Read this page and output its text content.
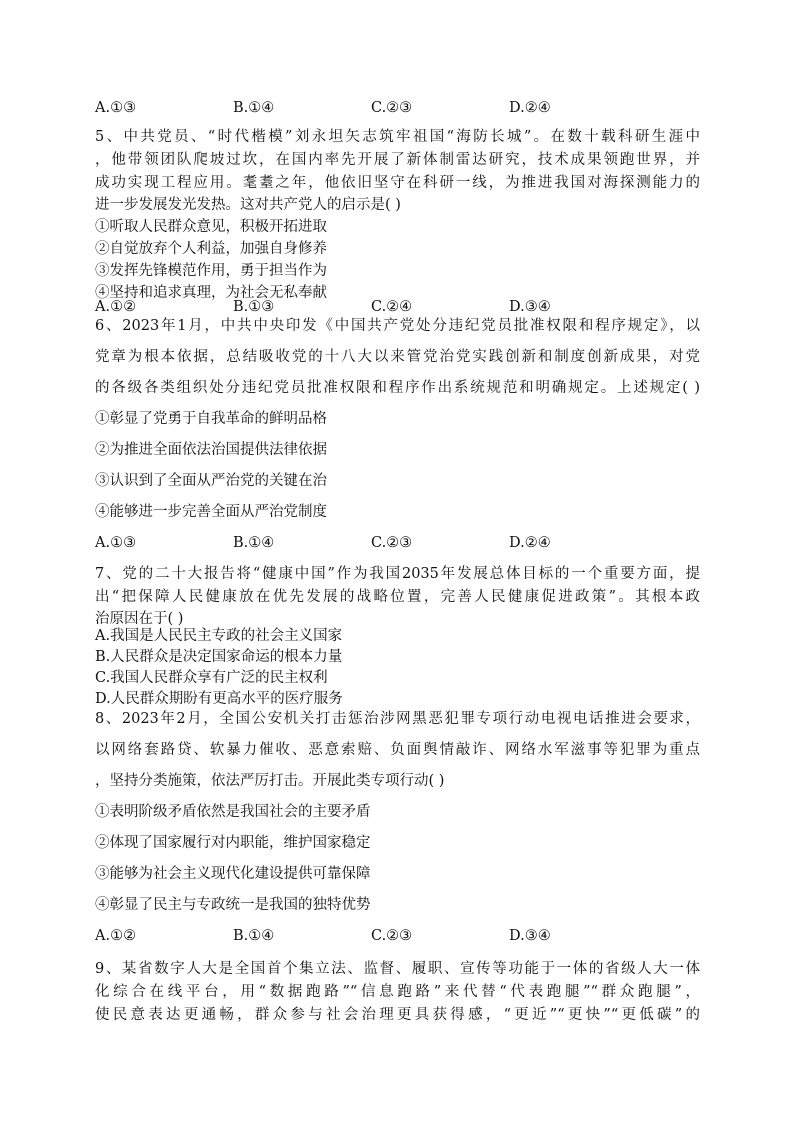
A.①③	B.①④	C.②③	D.②④
5、中共党员、“时代楷模”刘永坦矢志筑牢祖国“海防长城”。在数十载科研生涯中
，他带领团队爬坡过坎，在国内率先开展了新体制雷达研究，技术成果领跑世界，并
成功实现工程应用。耄耋之年，他依旧坚守在科研一线，为推进我国对海探测能力的
进一步发展发光发热。这对共产党人的启示是( )
①听取人民群众意见，积极开拓进取
②自觉放弃个人利益，加强自身修养
③发挥先锋模范作用，勇于担当作为
④坚持和追求真理，为社会无私奉献
A.①②	B.①③	C.②④	D.③④
6、2023年1月，中共中央印发《中国共产党处分违纪党员批准权限和程序规定》，以
党章为根本依据，总结吸收党的十八大以来管党治党实践创新和制度创新成果，对党
的各级各类组织处分违纪党员批准权限和程序作出系统规范和明确规定。上述规定( )
①彰显了党勇于自我革命的鲜明品格
②为推进全面依法治国提供法律依据
③认识到了全面从严治党的关键在治
④能够进一步完善全面从严治党制度
A.①③	B.①④	C.②③	D.②④
7、党的二十大报告将“健康中国”作为我国2035年发展总体目标的一个重要方面，提
出“把保障人民健康放在优先发展的战略位置，完善人民健康促进政策”。其根本政
治原因在于( )
A.我国是人民民主专政的社会主义国家
B.人民群众是决定国家命运的根本力量
C.我国人民群众享有广泛的民主权利
D.人民群众期盼有更高水平的医疗服务
8、2023年2月，全国公安机关打击惩治涉网黑恶犯罪专项行动电视电话推进会要求，
以网络套路贷、软暴力催收、恶意索赔、负面舆情敲诈、网络水军滋事等犯罪为重点
，坚持分类施策，依法严厉打击。开展此类专项行动( )
①表明阶级矛盾依然是我国社会的主要矛盾
②体现了国家履行对内职能，维护国家稳定
③能够为社会主义现代化建设提供可靠保障
④彰显了民主与专政统一是我国的独特优势
A.①②	B.①④	C.②③	D.③④
9、某省数字人大是全国首个集立法、监督、履职、宣传等功能于一体的省级人大一体
化综合在线平台，用“数据跑路”“信息跑路”来代替“代表跑腿”“群众跑腿”，
使民意表达更通畅，群众参与社会治理更具获得感，“更近”“更快”“更低碳”的
